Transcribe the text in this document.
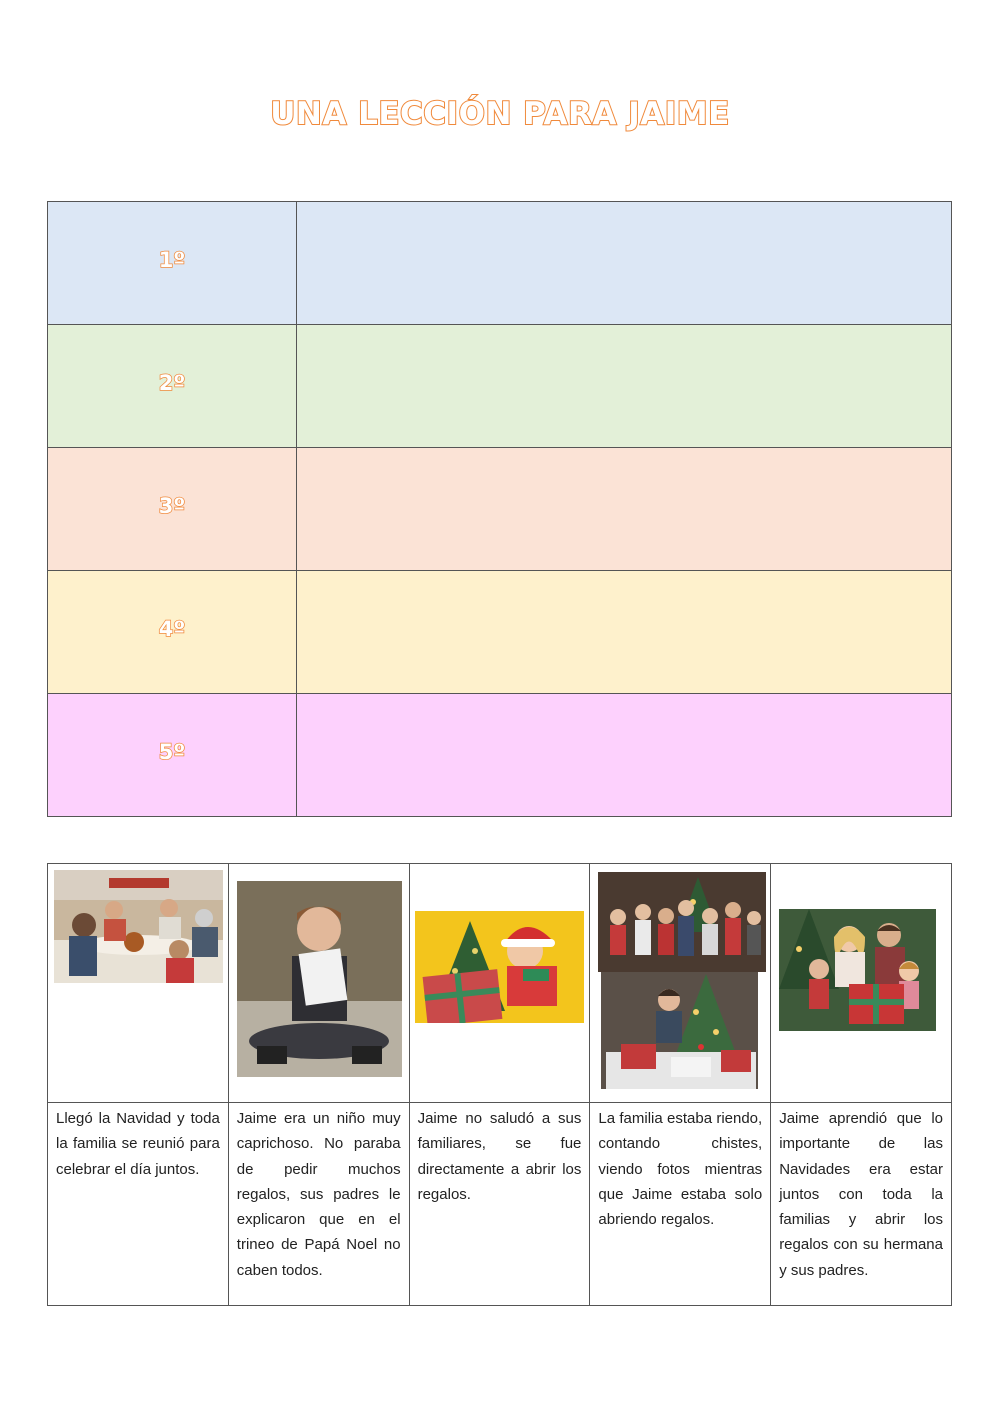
UNA LECCIÓN PARA JAIME
1º	
2º	
3º	
4º	
5º	

Llegó la Navidad y toda la familia se reunió para celebrar el día juntos.	Jaime era un niño muy caprichoso. No paraba de pedir muchos regalos, sus padres le explicaron que en el trineo de Papá Noel no caben todos.	Jaime no saludó a sus familiares, se fue directamente a abrir los regalos.	La familia estaba riendo, contando chistes, viendo fotos mientras que Jaime estaba solo abriendo regalos.	Jaime aprendió que lo importante de las Navidades era estar juntos con toda la familias y abrir los regalos con su hermana y sus padres.
